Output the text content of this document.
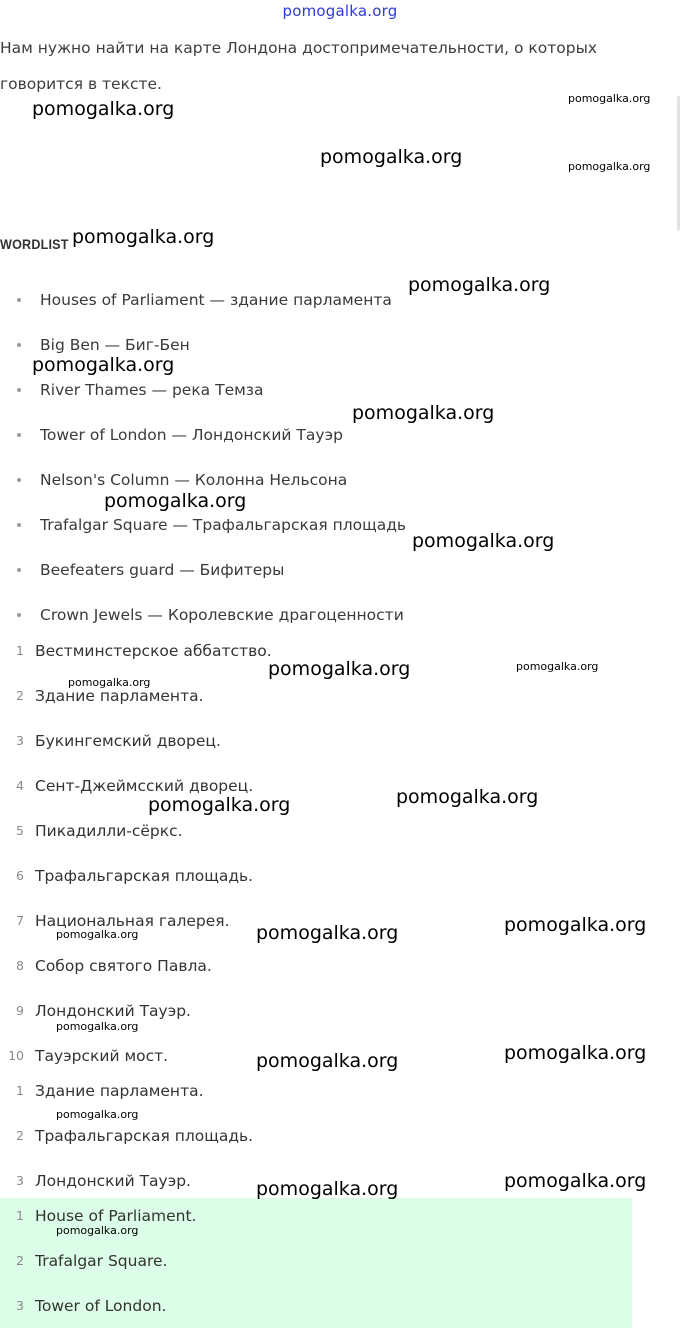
pomogalka.org
Нам нужно найти на карте Лондона достопримечательности, о которых говорится в тексте.
WORDLIST
Houses of Parliament — здание парламента
Big Ben — Биг-Бен
River Thames — река Темза
Tower of London — Лондонский Тауэр
Nelson's Column — Колонна Нельсона
Trafalgar Square — Трафальгарская площадь
Beefeaters guard — Бифитеры
Crown Jewels — Королевские драгоценности
1 Вестминстерское аббатство.
2 Здание парламента.
3 Букингемский дворец.
4 Сент-Джеймсский дворец.
5 Пикадилли-сёркс.
6 Трафальгарская площадь.
7 Национальная галерея.
8 Собор святого Павла.
9 Лондонский Тауэр.
10 Тауэрский мост.
1 Здание парламента.
2 Трафальгарская площадь.
3 Лондонский Тауэр.
1 House of Parliament.
2 Trafalgar Square.
3 Tower of London.
pomogalka.org	pomogalka.org
pomogalka.org	pomogalka.org
pomogalka.org
pomogalka.org
pomogalka.org
pomogalka.org
pomogalka.org
pomogalka.org
pomogalka.org	pomogalka.org
pomogalka.org
pomogalka.org	pomogalka.org
pomogalka.org
pomogalka.org	pomogalka.org
pomogalka.org
pomogalka.org	pomogalka.org
pomogalka.org
pomogalka.org
pomogalka.org
pomogalka.org
